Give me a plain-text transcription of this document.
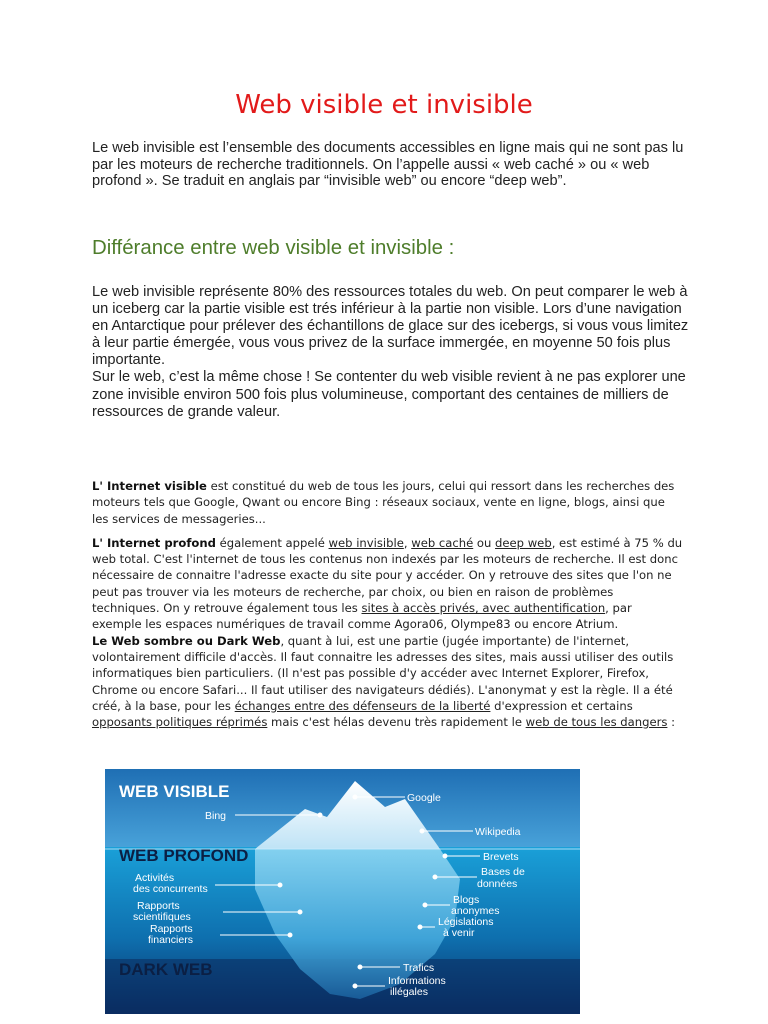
Web visible et invisible

Le web invisible est l’ensemble des documents accessibles en ligne mais qui ne sont pas lu par les moteurs de recherche traditionnels. On l’appelle aussi « web caché » ou « web profond ». Se traduit en anglais par “invisible web” ou encore “deep web”.

Différance entre web visible et invisible :
Le web invisible représente 80% des ressources totales du web. On peut comparer le web à un iceberg car la partie visible est trés inférieur à la partie non visible. Lors d’une navigation en Antarctique pour prélever des échantillons de glace sur des icebergs, si vous vous limitez à leur partie émergée, vous vous privez de la surface immergée, en moyenne 50 fois plus importante.
Sur le web, c’est la même chose ! Se contenter du web visible revient à ne pas explorer une zone invisible environ 500 fois plus volumineuse, comportant des centaines de milliers de ressources de grande valeur.

L' Internet visible est constitué du web de tous les jours, celui qui ressort dans les recherches des moteurs tels que Google, Qwant ou encore Bing : réseaux sociaux, vente en ligne, blogs, ainsi que les services de messageries...

L' Internet profond également appelé web invisible, web caché ou deep web, est estimé à 75 % du web total. C'est l'internet de tous les contenus non indexés par les moteurs de recherche. Il est donc nécessaire de connaitre l'adresse exacte du site pour y accéder. On y retrouve des sites que l'on ne peut pas trouver via les moteurs de recherche, par choix, ou bien en raison de problèmes techniques. On y retrouve également tous les sites à accès privés, avec authentification, par exemple les espaces numériques de travail comme Agora06, Olympe83 ou encore Atrium.

Le Web sombre ou Dark Web, quant à lui, est une partie (jugée importante) de l'internet, volontairement difficile d'accès. Il faut connaitre les adresses des sites, mais aussi utiliser des outils informatiques bien particuliers. (Il n'est pas possible d'y accéder avec Internet Explorer, Firefox, Chrome ou encore Safari... Il faut utiliser des navigateurs dédiés). L'anonymat y est la règle. Il a été créé, à la base, pour les échanges entre des défenseurs de la liberté d'expression et certains opposants politiques réprimés mais c'est hélas devenu très rapidement le web de tous les dangers :

WEB VISIBLE
WEB PROFOND
DARK WEB
Bing
Google
Wikipedia
Brevets
Bases de
données
Activités
des concurrents
Blogs
anonymes
Rapports
scientifiques	Législations
à venir
Rapports
financiers
Trafics
Informations
illégales
